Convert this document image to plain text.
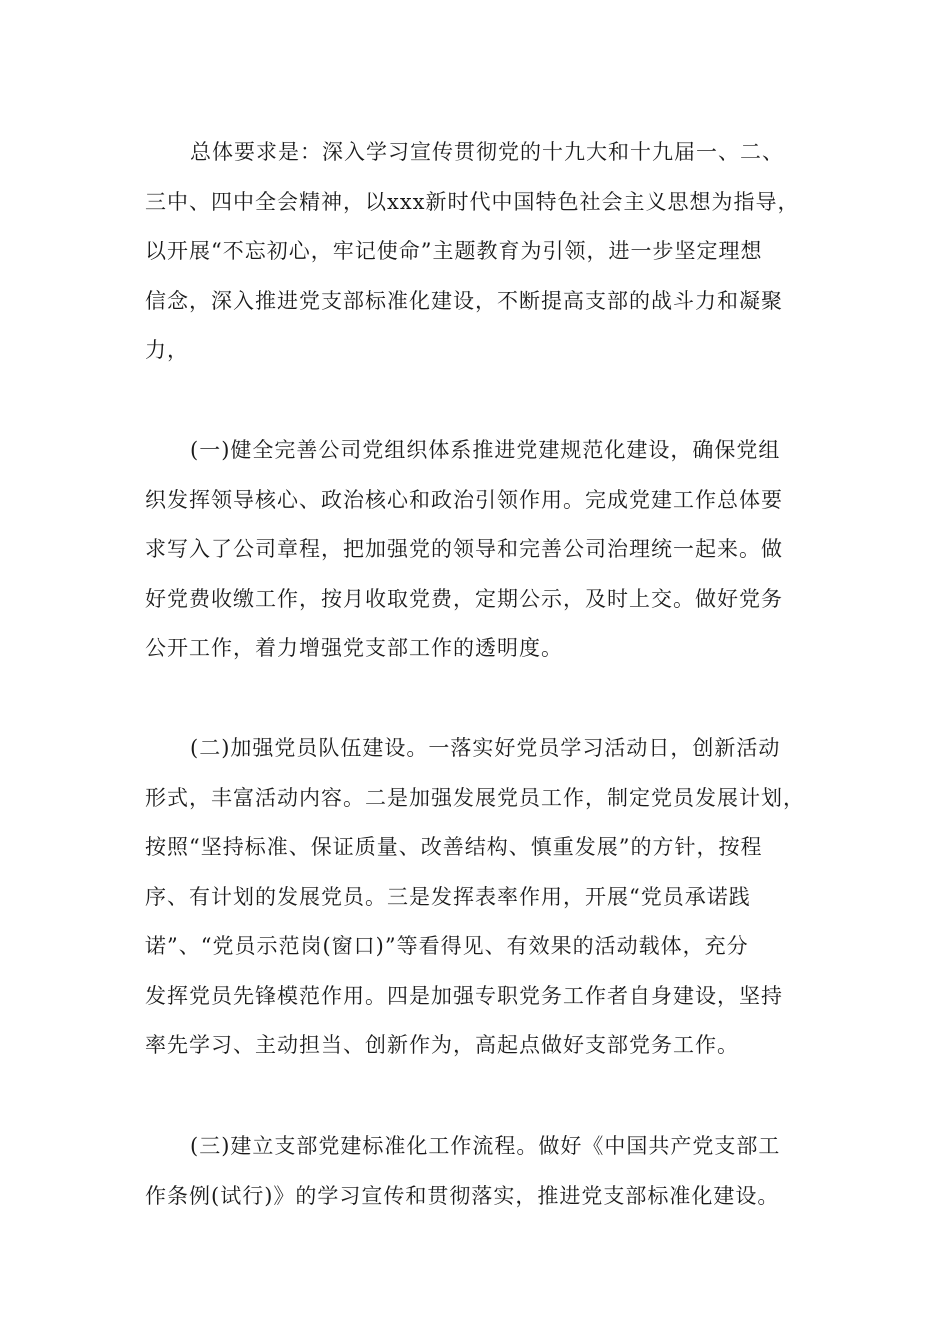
总体要求是：深入学习宣传贯彻党的十九大和十九届一、二、
三中、四中全会精神，以xxx新时代中国特色社会主义思想为指导，
以开展“不忘初心，牢记使命”主题教育为引领，进一步坚定理想
信念，深入推进党支部标准化建设，不断提高支部的战斗力和凝聚
力，
(一)健全完善公司党组织体系推进党建规范化建设，确保党组
织发挥领导核心、政治核心和政治引领作用。完成党建工作总体要
求写入了公司章程，把加强党的领导和完善公司治理统一起来。做
好党费收缴工作，按月收取党费，定期公示，及时上交。做好党务
公开工作，着力增强党支部工作的透明度。
(二)加强党员队伍建设。一落实好党员学习活动日，创新活动
形式，丰富活动内容。二是加强发展党员工作，制定党员发展计划，
按照“坚持标准、保证质量、改善结构、慎重发展”的方针，按程
序、有计划的发展党员。三是发挥表率作用，开展“党员承诺践
诺”、“党员示范岗(窗口)”等看得见、有效果的活动载体，充分
发挥党员先锋模范作用。四是加强专职党务工作者自身建设，坚持
率先学习、主动担当、创新作为，高起点做好支部党务工作。
(三)建立支部党建标准化工作流程。做好《中国共产党支部工
作条例(试行)》的学习宣传和贯彻落实，推进党支部标准化建设。
